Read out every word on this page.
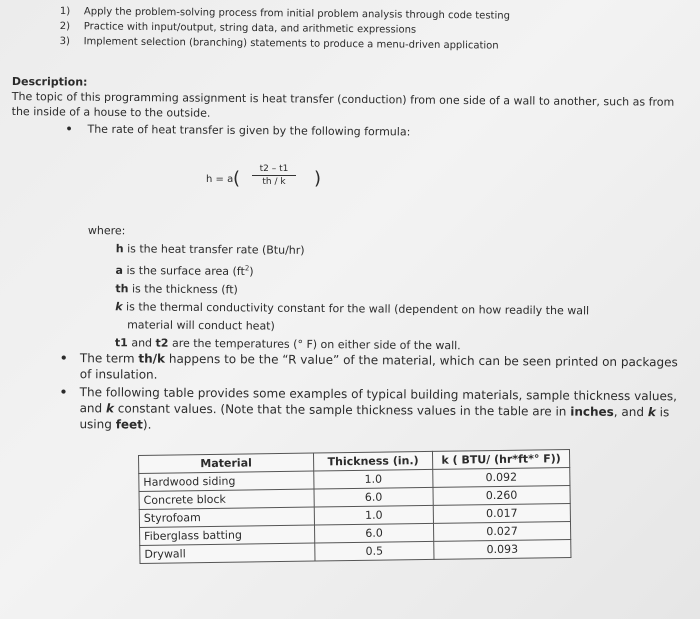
1) Apply the problem-solving process from initial problem analysis through code testing
2) Practice with input/output, string data, and arithmetic expressions
3) Implement selection (branching) statements to produce a menu-driven application
Description:
The topic of this programming assignment is heat transfer (conduction) from one side of a wall to another, such as from the inside of a house to the outside.
• The rate of heat transfer is given by the following formula:
h = a ( $\frac{t2 - t1}{th / k}$ )
where:
h is the heat transfer rate (Btu/hr)
a is the surface area $(ft^2)$
th is the thickness (ft)
k is the thermal conductivity constant for the wall (dependent on how readily the wall
material will conduct heat)
t1 and t2 are the temperatures (° F) on either side of the wall.
• The term th/k happens to be the “R value” of the material, which can be seen printed on packages of insulation.
• The following table provides some examples of typical building materials, sample thickness values, and k constant values. (Note that the sample thickness values in the table are in inches, and k is using feet).
Material	Thickness (in.)	k ( BTU/ (hr*ft*° F))
Hardwood siding	1.0	0.092
Concrete block	6.0	0.260
Styrofoam	1.0	0.017
Fiberglass batting	6.0	0.027
Drywall	0.5	0.093
